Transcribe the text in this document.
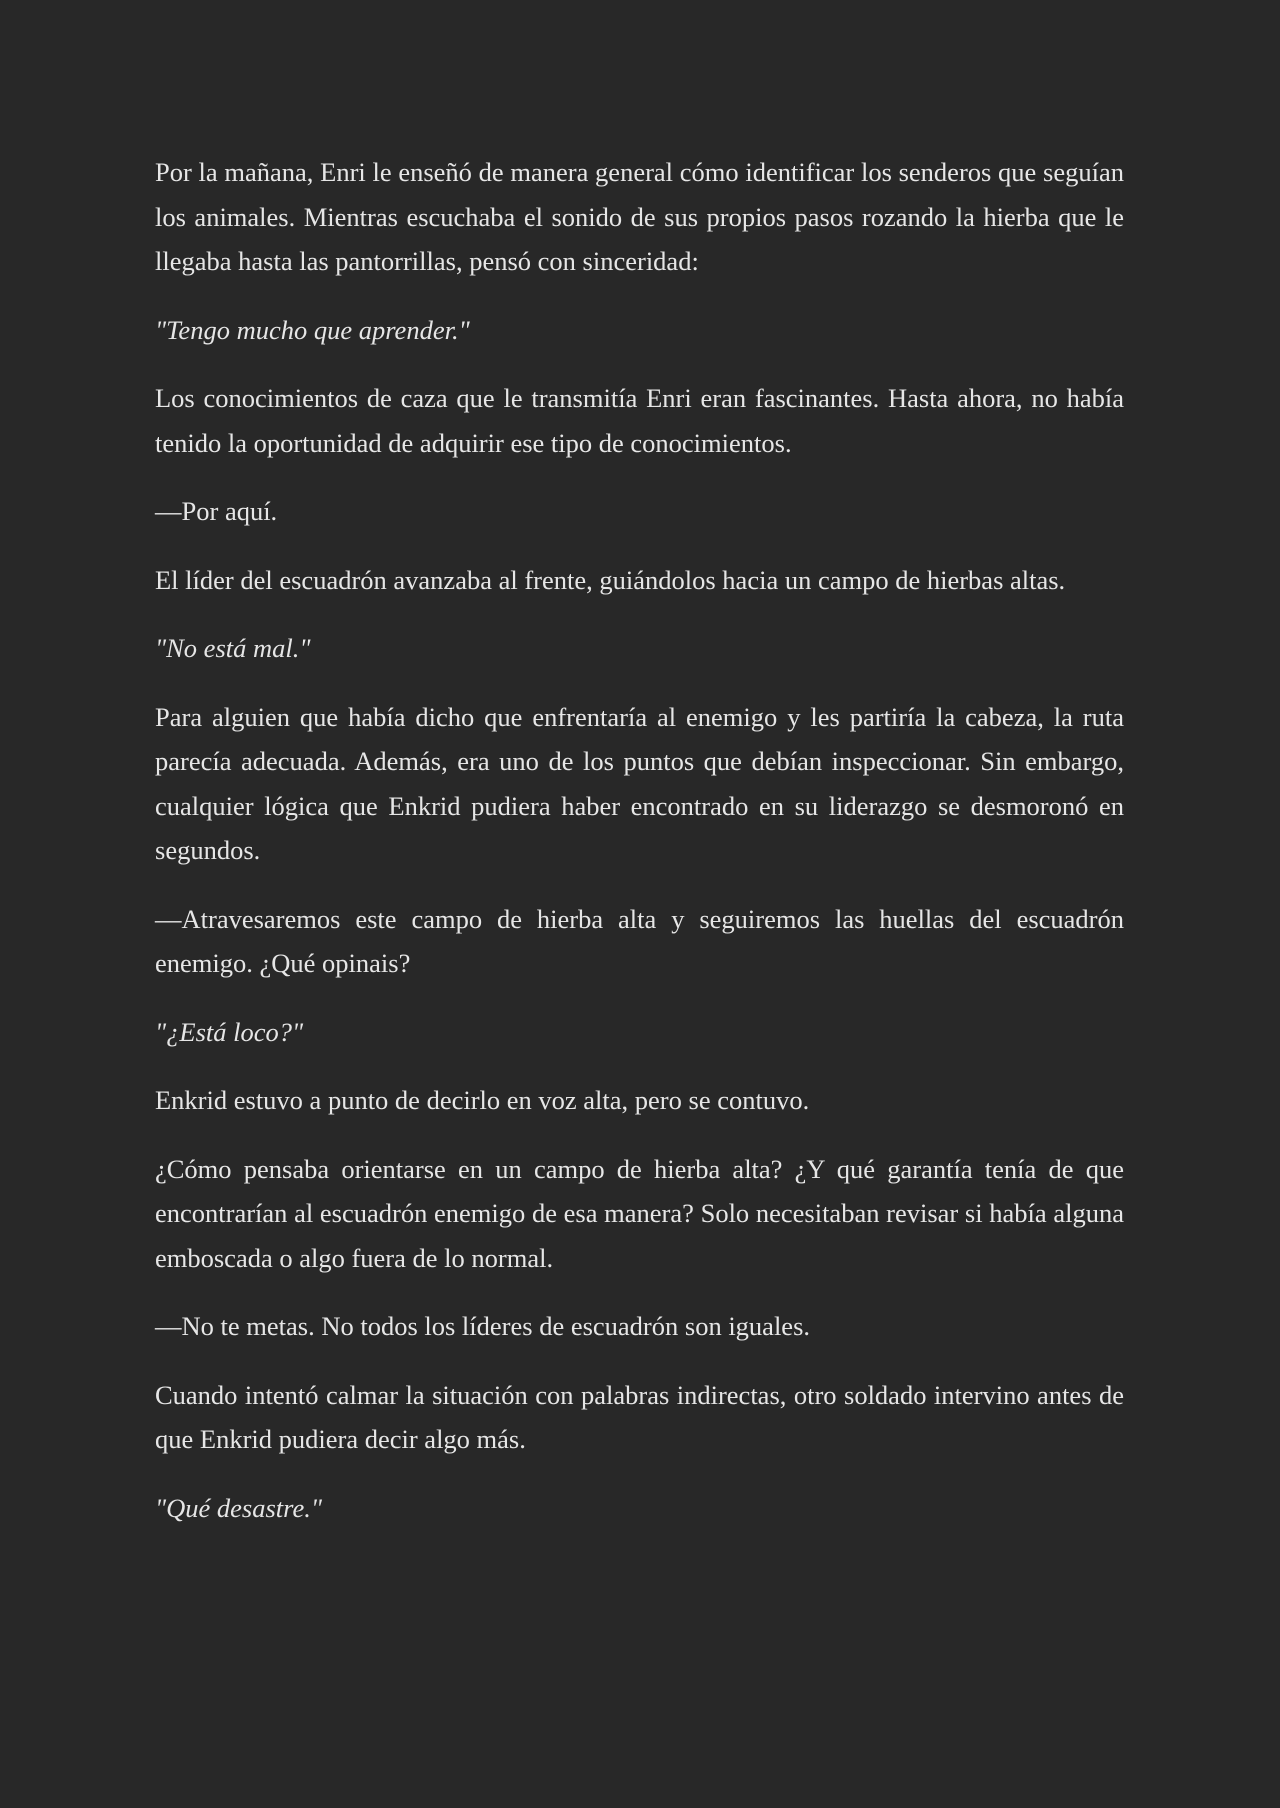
Por la mañana, Enri le enseñó de manera general cómo identificar los senderos que seguían los animales. Mientras escuchaba el sonido de sus propios pasos rozando la hierba que le llegaba hasta las pantorrillas, pensó con sinceridad:

"Tengo mucho que aprender."

Los conocimientos de caza que le transmitía Enri eran fascinantes. Hasta ahora, no había tenido la oportunidad de adquirir ese tipo de conocimientos.

—Por aquí.

El líder del escuadrón avanzaba al frente, guiándolos hacia un campo de hierbas altas.

"No está mal."

Para alguien que había dicho que enfrentaría al enemigo y les partiría la cabeza, la ruta parecía adecuada. Además, era uno de los puntos que debían inspeccionar. Sin embargo, cualquier lógica que Enkrid pudiera haber encontrado en su liderazgo se desmoronó en segundos.

—Atravesaremos este campo de hierba alta y seguiremos las huellas del escuadrón enemigo. ¿Qué opinais?

"¿Está loco?"

Enkrid estuvo a punto de decirlo en voz alta, pero se contuvo.

¿Cómo pensaba orientarse en un campo de hierba alta? ¿Y qué garantía tenía de que encontrarían al escuadrón enemigo de esa manera? Solo necesitaban revisar si había alguna emboscada o algo fuera de lo normal.

—No te metas. No todos los líderes de escuadrón son iguales.

Cuando intentó calmar la situación con palabras indirectas, otro soldado intervino antes de que Enkrid pudiera decir algo más.

"Qué desastre."
